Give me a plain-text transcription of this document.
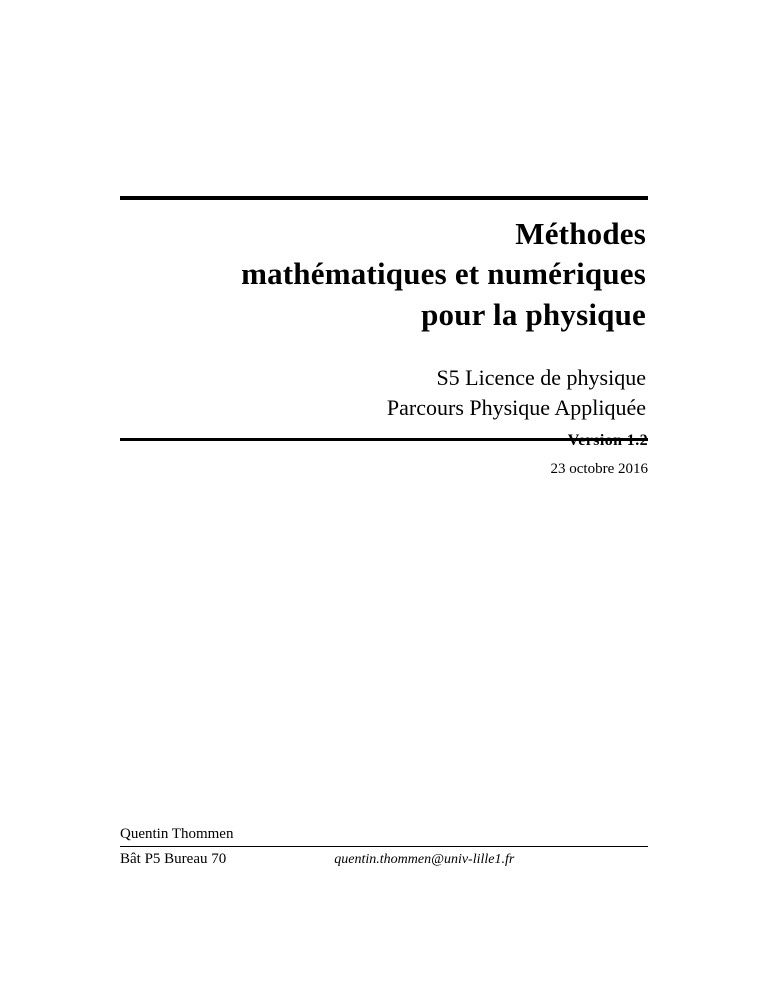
Méthodes
mathématiques et numériques
pour la physique
S5 Licence de physique
Parcours Physique Appliquée
Version 1.2
23 octobre 2016
Quentin Thommen
Bât P5 Bureau 70	quentin.thommen@univ-lille1.fr
